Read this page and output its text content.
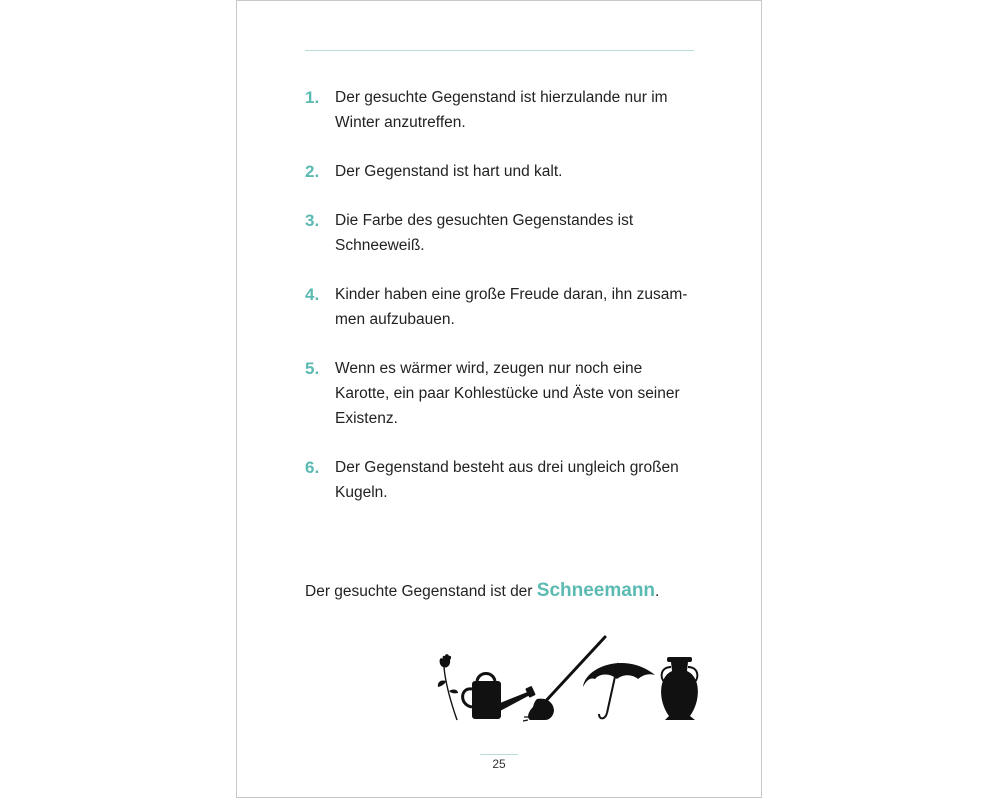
1. Der gesuchte Gegenstand ist hierzulande nur im Winter anzutreffen.
2. Der Gegenstand ist hart und kalt.
3. Die Farbe des gesuchten Gegenstandes ist Schneeweiß.
4. Kinder haben eine große Freude daran, ihn zusam-men aufzubauen.
5. Wenn es wärmer wird, zeugen nur noch eine Karotte, ein paar Kohlestücke und Äste von seiner Existenz.
6. Der Gegenstand besteht aus drei ungleich großen Kugeln.
Der gesuchte Gegenstand ist der Schneemann.
25
